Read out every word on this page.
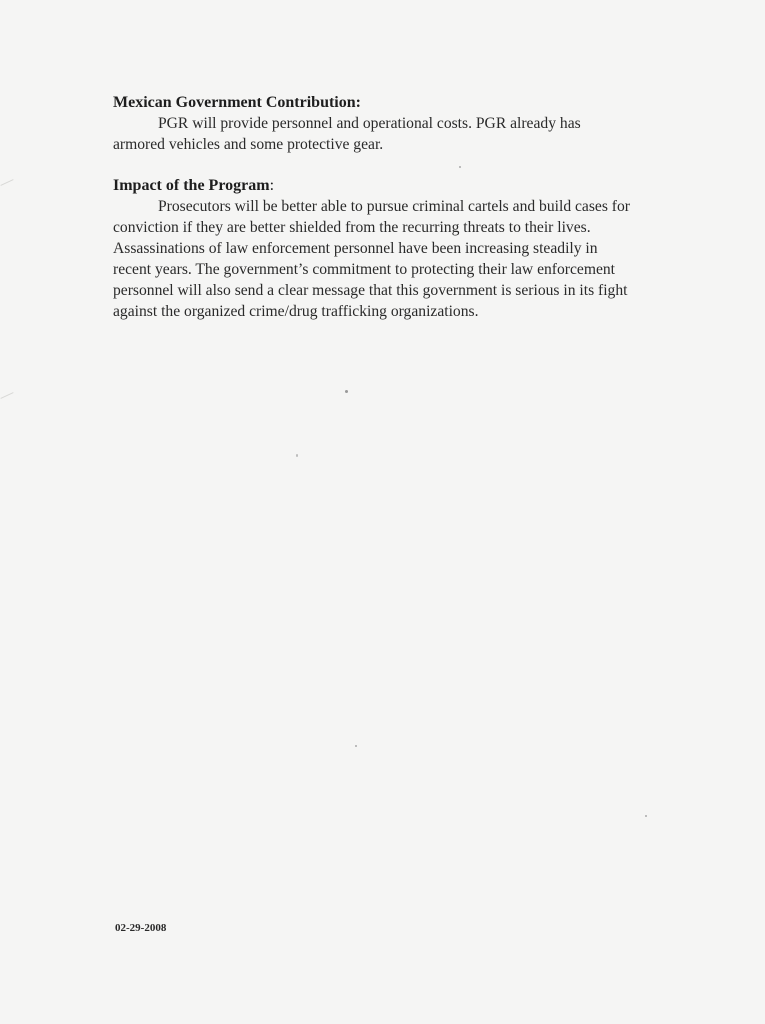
Mexican Government Contribution:

PGR will provide personnel and operational costs. PGR already has

armored vehicles and some protective gear.

Impact of the Program:

Prosecutors will be better able to pursue criminal cartels and build cases for

conviction if they are better shielded from the recurring threats to their lives.

Assassinations of law enforcement personnel have been increasing steadily in

recent years. The government’s commitment to protecting their law enforcement

personnel will also send a clear message that this government is serious in its fight

against the organized crime/drug trafficking organizations.

02-29-2008
